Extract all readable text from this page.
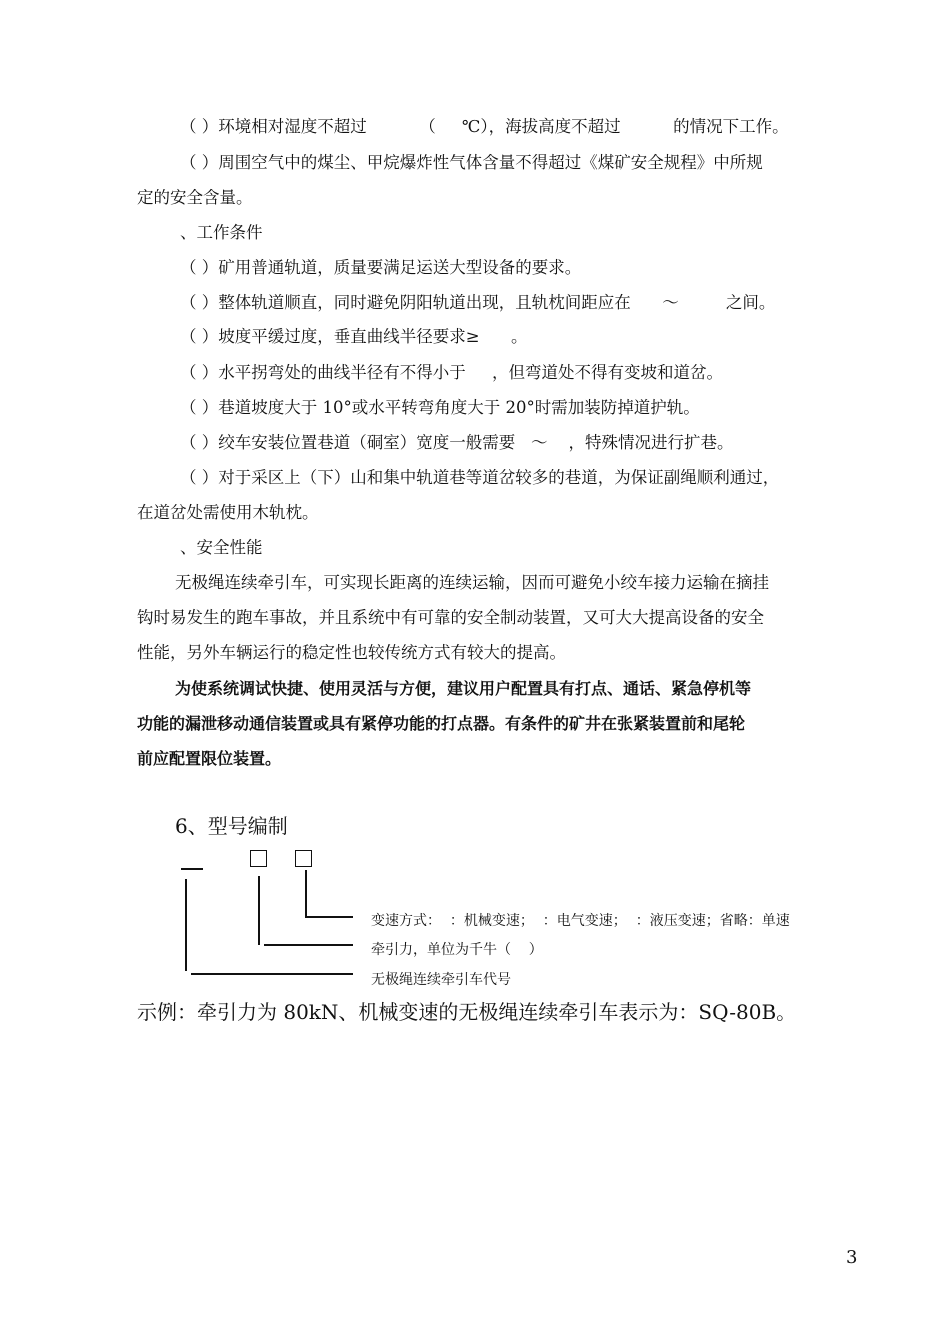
（ ）环境相对湿度不超过          （     ℃），海拔高度不超过          的情况下工作。
（ ）周围空气中的煤尘、甲烷爆炸性气体含量不得超过《煤矿安全规程》中所规
定的安全含量。
、工作条件
（ ）矿用普通轨道，质量要满足运送大型设备的要求。
（ ）整体轨道顺直，同时避免阴阳轨道出现，且轨枕间距应在      ～         之间。
（ ）坡度平缓过度，垂直曲线半径要求≥      。
（ ）水平拐弯处的曲线半径有不得小于     ，但弯道处不得有变坡和道岔。
（ ）巷道坡度大于 10°或水平转弯角度大于 20°时需加装防掉道护轨。
（ ）绞车安装位置巷道（硐室）宽度一般需要   ～    ，特殊情况进行扩巷。
（ ）对于采区上（下）山和集中轨道巷等道岔较多的巷道，为保证副绳顺利通过，
在道岔处需使用木轨枕。
、安全性能
无极绳连续牵引车，可实现长距离的连续运输，因而可避免小绞车接力运输在摘挂
钩时易发生的跑车事故，并且系统中有可靠的安全制动装置，又可大大提高设备的安全
性能，另外车辆运行的稳定性也较传统方式有较大的提高。
为使系统调试快捷、使用灵活与方便，建议用户配置具有打点、通话、紧急停机等
功能的漏泄移动通信装置或具有紧停功能的打点器。有条件的矿井在张紧装置前和尾轮
前应配置限位装置。
6、型号编制
变速方式：  ：机械变速；  ：电气变速；  ：液压变速；省略：单速
牵引力，单位为千牛（    ）
无极绳连续牵引车代号
示例：牵引力为 80kN、机械变速的无极绳连续牵引车表示为：SQ-80B。
3
